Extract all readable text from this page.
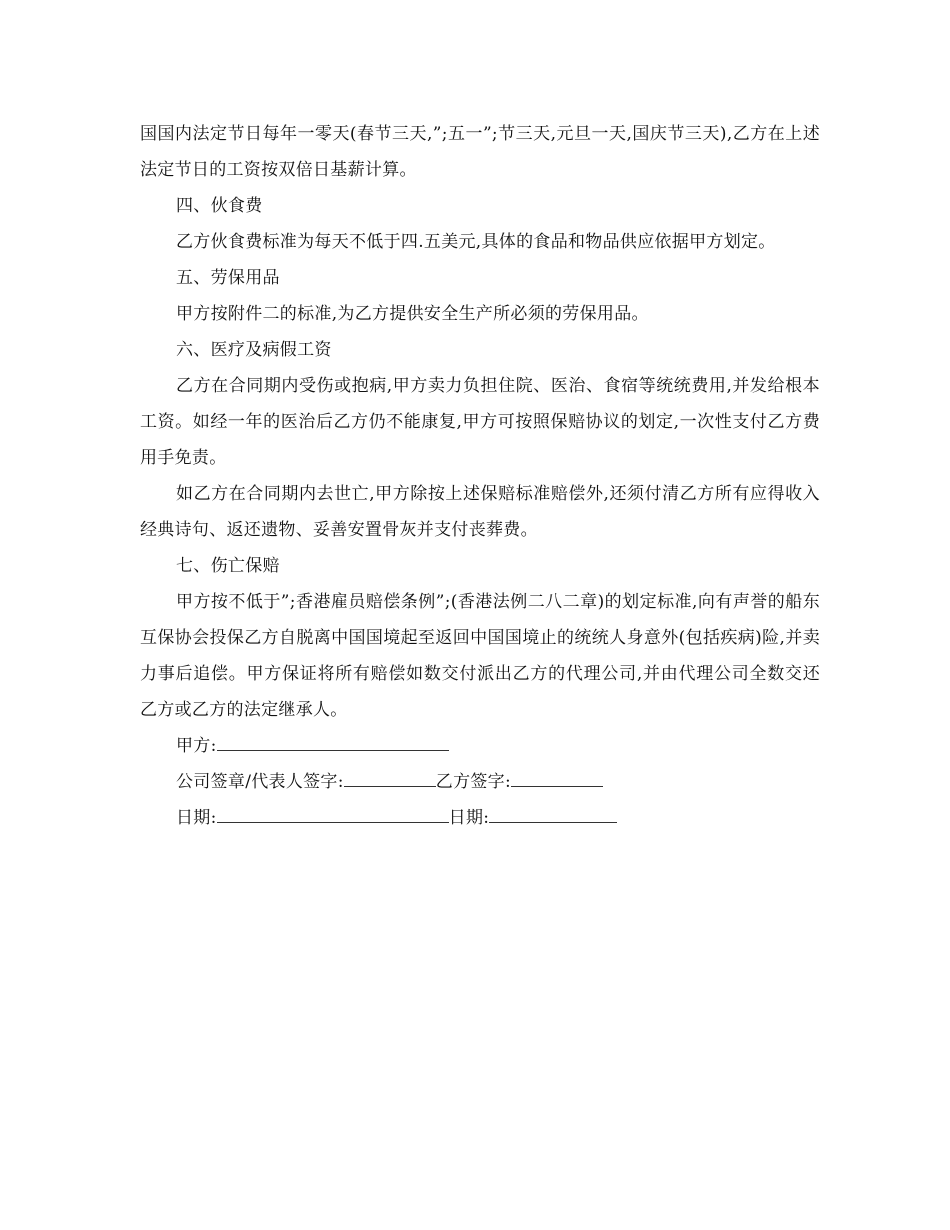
国国内法定节日每年一零天(春节三天,”;五一”;节三天,元旦一天,国庆节三天),乙方在上述法定节日的工资按双倍日基薪计算。

四、伙食费

乙方伙食费标准为每天不低于四.五美元,具体的食品和物品供应依据甲方划定。

五、劳保用品

甲方按附件二的标准,为乙方提供安全生产所必须的劳保用品。

六、医疗及病假工资

乙方在合同期内受伤或抱病,甲方卖力负担住院、医治、食宿等统统费用,并发给根本工资。如经一年的医治后乙方仍不能康复,甲方可按照保赔协议的划定,一次性支付乙方费用手免责。

如乙方在合同期内去世亡,甲方除按上述保赔标准赔偿外,还须付清乙方所有应得收入经典诗句、返还遗物、妥善安置骨灰并支付丧葬费。

七、伤亡保赔

甲方按不低于”;香港雇员赔偿条例”;(香港法例二八二章)的划定标准,向有声誉的船东互保协会投保乙方自脱离中国国境起至返回中国国境止的统统人身意外(包括疾病)险,并卖力事后追偿。甲方保证将所有赔偿如数交付派出乙方的代理公司,并由代理公司全数交还乙方或乙方的法定继承人。

甲方:

公司签章/代表人签字:	乙方签字:

日期:	日期:
